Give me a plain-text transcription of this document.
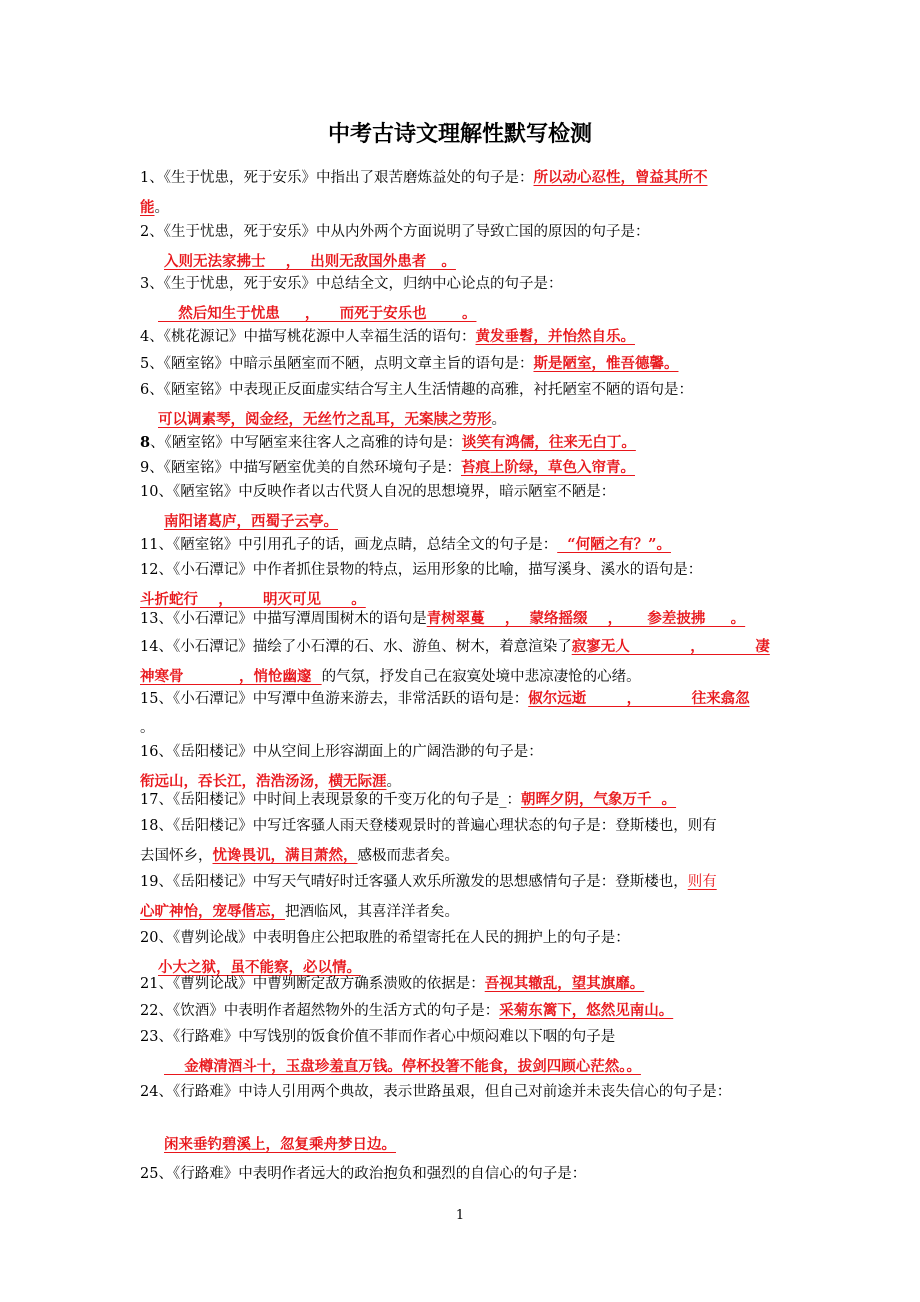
中考古诗文理解性默写检测
1、《生于忧患，死于安乐》中指出了艰苦磨炼益处的句子是：所以动心忍性，曾益其所不
能。
2、《生于忧患，死于安乐》中从内外两个方面说明了导致亡国的原因的句子是：
入则无法家拂士    ，  出则无敌国外患者   。
3、《生于忧患，死于安乐》中总结全文，归纳中心论点的句子是：
然后知生于忧患     ，    而死于安乐也       。
4、《桃花源记》中描写桃花源中人幸福生活的语句：黄发垂髫，并怡然自乐。
5、《陋室铭》中暗示虽陋室而不陋，点明文章主旨的语句是：斯是陋室，惟吾德馨。
6、《陋室铭》中表现正反面虚实结合写主人生活情趣的高雅，衬托陋室不陋的语句是：
可以调素琴，阅金经，无丝竹之乱耳，无案牍之劳形。
8、《陋室铭》中写陋室来往客人之高雅的诗句是：谈笑有鸿儒，往来无白丁。
9、《陋室铭》中描写陋室优美的自然环境句子是：苔痕上阶绿，草色入帘青。
10、《陋室铭》中反映作者以古代贤人自况的思想境界，暗示陋室不陋是：
南阳诸葛庐，西蜀子云亭。
11、《陋室铭》中引用孔子的话，画龙点睛，总结全文的句子是：  “何陋之有？”。
12、《小石潭记》中作者抓住景物的特点，运用形象的比喻，描写溪身、溪水的语句是：
斗折蛇行    ，      明灭可见      。
13、《小石潭记》中描写潭周围树木的语句是青树翠蔓    ，  蒙络摇缀    ，     参差披拂     。
14、《小石潭记》描绘了小石潭的石、水、游鱼、树木，着意渲染了寂寥无人            ，          凄
神寒骨           ，悄怆幽邃  的气氛，抒发自己在寂寞处境中悲凉凄怆的心绪。
15、《小石潭记》中写潭中鱼游来游去，非常活跃的语句是：俶尔远逝        ，          往来翕忽
。
16、《岳阳楼记》中从空间上形容湖面上的广阔浩渺的句子是：
衔远山，吞长江，浩浩汤汤，横无际涯。
17、《岳阳楼记》中时间上表现景象的千变万化的句子是_：朝晖夕阴，气象万千  。
18、《岳阳楼记》中写迁客骚人雨天登楼观景时的普遍心理状态的句子是：登斯楼也，则有
去国怀乡，忧谗畏讥，满目萧然，感极而悲者矣。
19、《岳阳楼记》中写天气晴好时迁客骚人欢乐所激发的思想感情句子是：登斯楼也，则有
心旷神怡，宠辱偕忘，把酒临风，其喜洋洋者矣。
20、《曹刿论战》中表明鲁庄公把取胜的希望寄托在人民的拥护上的句子是：
小大之狱，虽不能察，必以情。
21、《曹刿论战》中曹刿断定敌方确系溃败的依据是：吾视其辙乱，望其旗靡。
22、《饮酒》中表明作者超然物外的生活方式的句子是：采菊东篱下，悠然见南山。
23、《行路难》中写饯别的饭食价值不菲而作者心中烦闷难以下咽的句子是
金樽清酒斗十，玉盘珍羞直万钱。停杯投箸不能食，拔剑四顾心茫然。。
24、《行路难》中诗人引用两个典故，表示世路虽艰，但自己对前途并未丧失信心的句子是：
闲来垂钓碧溪上，忽复乘舟梦日边。
25、《行路难》中表明作者远大的政治抱负和强烈的自信心的句子是：
1
